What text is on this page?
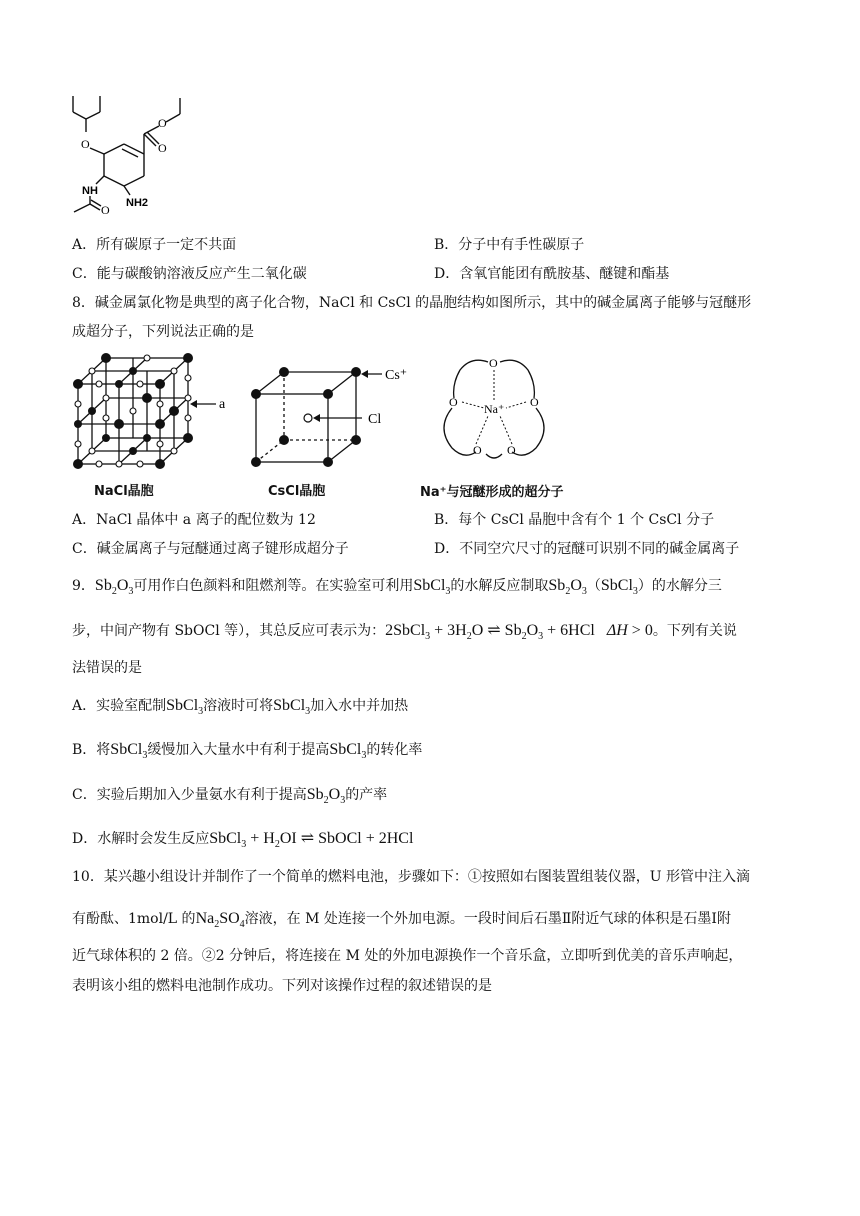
O
O
O
NH
NH2
O
A．所有碳原子一定不共面	B．分子中有手性碳原子
C．能与碳酸钠溶液反应产生二氧化碳	D．含氧官能团有酰胺基、醚键和酯基
8．碱金属氯化物是典型的离子化合物，NaCl 和 CsCl 的晶胞结构如图所示，其中的碱金属离子能够与冠醚形
成超分子，下列说法正确的是
a
NaCl晶胞
Cs⁺
Cl
CsCl晶胞
O
O	O
O O
Na⁺
Na⁺与冠醚形成的超分子
A．NaCl 晶体中 a 离子的配位数为 12	B．每个 CsCl 晶胞中含有个 1 个 CsCl 分子
C．碱金属离子与冠醚通过离子键形成超分子	D．不同空穴尺寸的冠醚可识别不同的碱金属离子
9．$Sb_2O_3$可用作白色颜料和阻燃剂等。在实验室可利用SbCl$_3$的水解反应制取$Sb_2O_3(SbCl_3)$的水解分三
步，中间产物有 SbOCl 等），其总反应可表示为：2SbCl$_3$ + $3H_2O$ ⇌ $Sb_2O_3 + 6HCl$   ΔH > 0。下列有关说
法错误的是
A．实验室配制SbCl$_3$溶液时可将SbCl$_3$加入水中并加热
B．将SbCl$_3$缓慢加入大量水中有利于提高SbCl$_3$的转化率
C．实验后期加入少量氨水有利于提高$Sb_2O_3$的产率
D．水解时会发生反应SbCl$_3$ + $H_2OI$ ⇌ SbOCl + 2HCl
10．某兴趣小组设计并制作了一个简单的燃料电池，步骤如下：①按照如右图装置组装仪器，U 形管中注入滴
有酚酞、1mol/L 的$Na_2SO_4$溶液，在 M 处连接一个外加电源。一段时间后石墨Ⅱ附近气球的体积是石墨Ⅰ附
近气球体积的 2 倍。②2 分钟后，将连接在 M 处的外加电源换作一个音乐盒，立即听到优美的音乐声响起，
表明该小组的燃料电池制作成功。下列对该操作过程的叙述错误的是
